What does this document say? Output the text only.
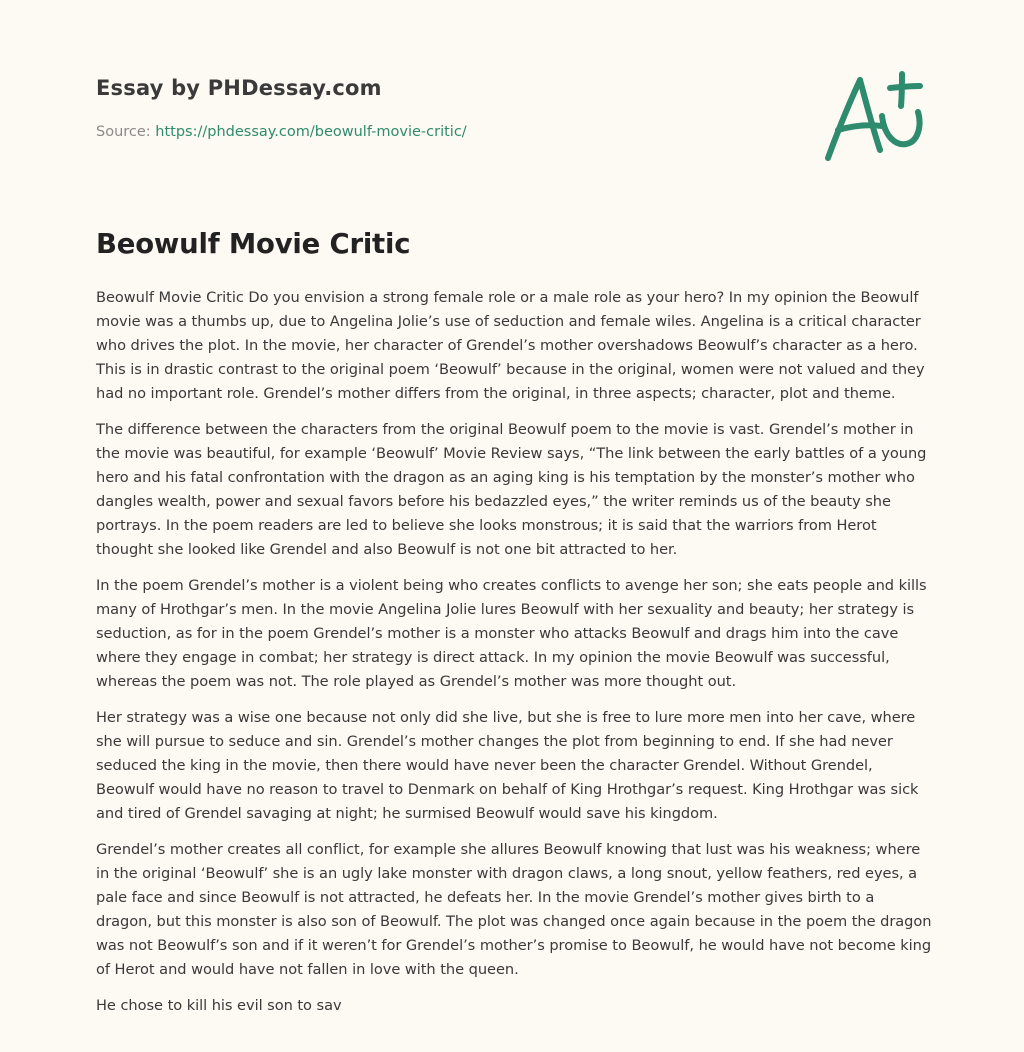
Essay by PHDessay.com
Source: https://phdessay.com/beowulf-movie-critic/
Beowulf Movie Critic

Beowulf Movie Critic Do you envision a strong female role or a male role as your hero? In my opinion the Beowulf movie was a thumbs up, due to Angelina Jolie’s use of seduction and female wiles. Angelina is a critical character who drives the plot. In the movie, her character of Grendel’s mother overshadows Beowulf’s character as a hero. This is in drastic contrast to the original poem ‘Beowulf’ because in the original, women were not valued and they had no important role. Grendel’s mother differs from the original, in three aspects; character, plot and theme.

The difference between the characters from the original Beowulf poem to the movie is vast. Grendel’s mother in the movie was beautiful, for example ‘Beowulf’ Movie Review says, “The link between the early battles of a young hero and his fatal confrontation with the dragon as an aging king is his temptation by the monster’s mother who dangles wealth, power and sexual favors before his bedazzled eyes,” the writer reminds us of the beauty she portrays. In the poem readers are led to believe she looks monstrous; it is said that the warriors from Herot thought she looked like Grendel and also Beowulf is not one bit attracted to her.

In the poem Grendel’s mother is a violent being who creates conflicts to avenge her son; she eats people and kills many of Hrothgar’s men. In the movie Angelina Jolie lures Beowulf with her sexuality and beauty; her strategy is seduction, as for in the poem Grendel’s mother is a monster who attacks Beowulf and drags him into the cave where they engage in combat; her strategy is direct attack. In my opinion the movie Beowulf was successful, whereas the poem was not. The role played as Grendel’s mother was more thought out.

Her strategy was a wise one because not only did she live, but she is free to lure more men into her cave, where she will pursue to seduce and sin. Grendel’s mother changes the plot from beginning to end. If she had never seduced the king in the movie, then there would have never been the character Grendel. Without Grendel, Beowulf would have no reason to travel to Denmark on behalf of King Hrothgar’s request. King Hrothgar was sick and tired of Grendel savaging at night; he surmised Beowulf would save his kingdom.

Grendel’s mother creates all conflict, for example she allures Beowulf knowing that lust was his weakness; where in the original ‘Beowulf’ she is an ugly lake monster with dragon claws, a long snout, yellow feathers, red eyes, a pale face and since Beowulf is not attracted, he defeats her. In the movie Grendel’s mother gives birth to a dragon, but this monster is also son of Beowulf. The plot was changed once again because in the poem the dragon was not Beowulf’s son and if it weren’t for Grendel’s mother’s promise to Beowulf, he would have not become king of Herot and would have not fallen in love with the queen.

He chose to kill his evil son to sav
